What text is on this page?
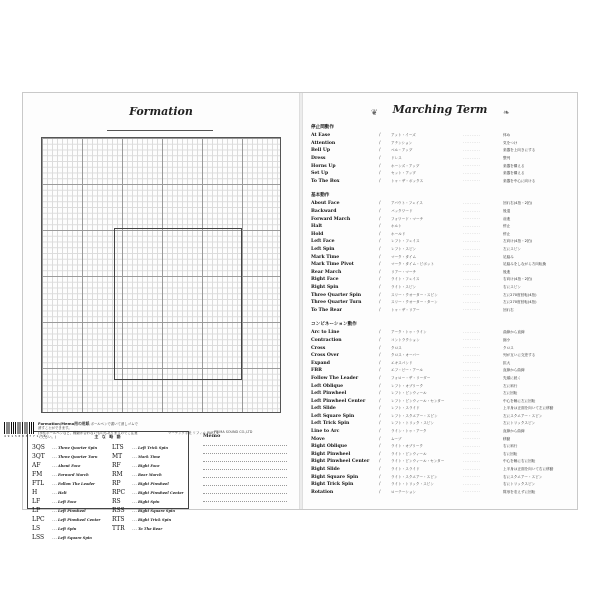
Formation
主 な 略 語
3QS	… Three Quarter Spin
3QT	… Three Quarter Turn
AF	… About Face
FM	… Forward March
FTL	… Follow The Leader
H	… Halt
LF	… Left Face
LP	… Left Pinwheel
LPC	… Left Pinwheel Center
LS	… Left Spin
LSS	… Left Square Spin
LTS	… Left Trick Spin
MT	… Mark Time
RF	… Right Face
RM	… Rear March
RP	… Right Pinwheel
RPC	… Right Pinwheel Center
RS	… Right Spin
RSS	… Right Square Spin
RTS	… Right Trick Spin
TTR	… To The Rear
Memo
❦	Marching Term	❧
停止間動作
At Ease	/	アット・イーズ	··········	休め
Attention	/	アテンション	··········	気をつけ
Bell Up	/	ベル・アップ	··········	楽器を上向きにする
Dress	/	ドレス	··········	整列
Horns Up	/	ホーンズ・アップ	··········	楽器を構える
Set Up	/	セット・アップ	··········	楽器を構える
To The Box	/	トゥ・ザ・ボックス	··········	楽器を中心に向ける
基本動作
About Face	/	アバウト・フェイス	··········	回れ右(4拍・2拍)
Backward	/	バックワード	··········	後退
Forward March	/	フォワード・マーチ	··········	前進
Halt	/	ホルト	··········	停止
Hold	/	ホールド	··········	停止
Left Face	/	レフト・フェイス	··········	左向け(4拍・2拍)
Left Spin	/	レフト・スピン	··········	左にスピン
Mark Time	/	マーク・タイム	··········	足踏み
Mark Time Pivot	/	マーク・タイム・ピボット	··········	足踏みをしながら方向転換
Rear March	/	リアー・マーチ	··········	後進
Right Face	/	ライト・フェイス	··········	右向け(4拍・2拍)
Right Spin	/	ライト・スピン	··········	右にスピン
Three Quarter Spin	/	スリー・クオーター・スピン	··········	左に270度回転(4拍)
Three Quarter Turn	/	スリー・クオーター・ターン	··········	左に270度回転(4拍)
To The Rear	/	トゥ・ザ・リアー	··········	回れ右
コンビネーション動作
Arc to Line	/	アーク・トゥ・ライン	··········	曲線から直線
Contraction	/	コントラクション	··········	縮小
Cross	/	クロス	··········	クロス
Cross Over	/	クロス・オーバー	··········	列が互いに交差する
Expand	/	エキスパンド	··········	拡大
FBR	/	エフ・ビー・アール	··········	直線から曲線
Follow The Leader	/	フォロー・ザ・リーダー	··········	先頭に続く
Left Oblique	/	レフト・オブリーク	··········	左に斜行
Left Pinwheel	/	レフト・ピンウィール	··········	左に回転
Left Pinwheel Center	/	レフト・ピンウィール・センター	··········	中心を軸に左に回転
Left Slide	/	レフト・スライド	··········	上半身は正面を向いて左に移動
Left Square Spin	/	レフト・スクエアー・スピン	··········	左にスクエアー・スピン
Left Trick Spin	/	レフト・トリック・スピン	··········	左にトリックスピン
Line to Arc	/	ライン・トゥ・アーク	··········	直線から曲線
Move	/	ムーブ	··········	移動
Right Oblique	/	ライト・オブリーク	··········	右に斜行
Right Pinwheel	/	ライト・ピンウィール	··········	右に回転
Right Pinwheel Center	/	ライト・ピンウィール・センター	··········	中心を軸に右に回転
Right Slide	/	ライト・スライド	··········	上半身は正面を向いて右に移動
Right Square Spin	/	ライト・スクエアー・スピン	··········	右にスクエアー・スピン
Right Trick Spin	/	ライト・トリック・スピン	··········	右にトリックスピン
Rotation	/	ローテーション	··········	隊形を変えずに回転
4 9 1 5 0 0 3 7 7 1 7 6
Formation/Memo用の用紙 ポールペンで書いて消しゴムで消すことができます。
(水性ボールペンなど、種類が合わないものもありますのでご注意ください。)
マーチング手帳 リフィル PART 4
PRIMA SOUND CO.,LTD
